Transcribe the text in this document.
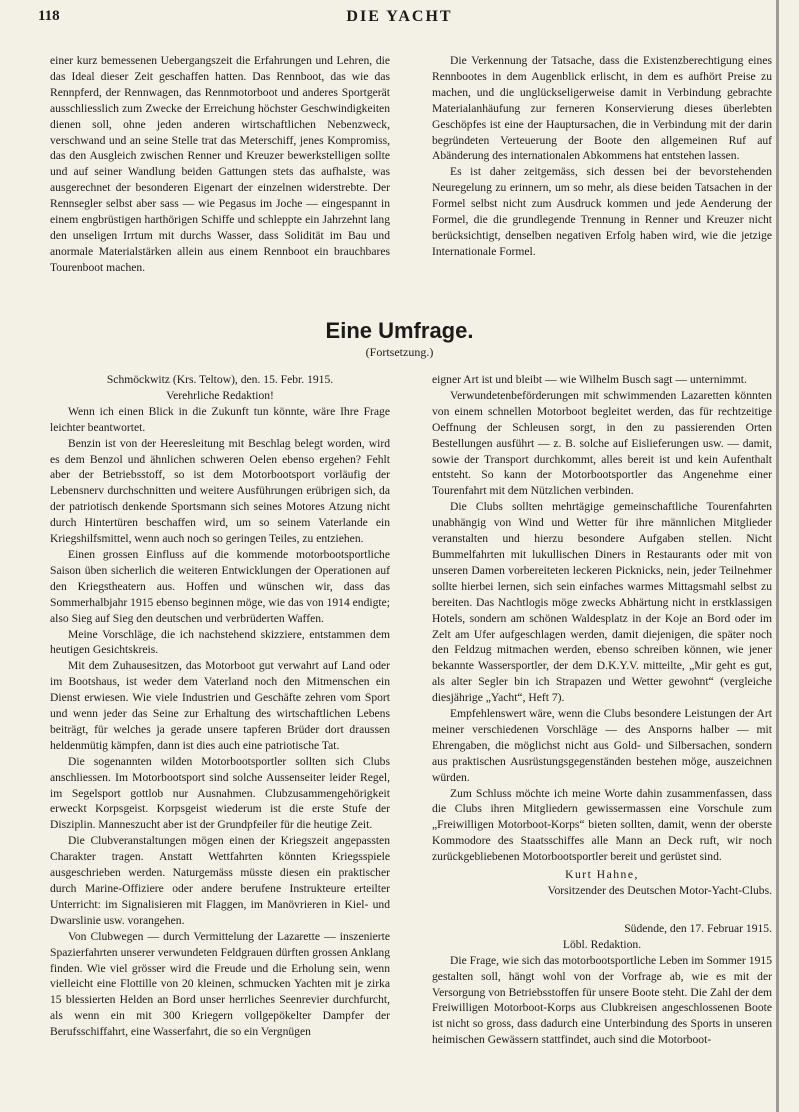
118	DIE YACHT

einer kurz bemessenen Uebergangszeit die Erfahrungen und Lehren, die das Ideal dieser Zeit geschaffen hatten. Das Rennboot, das wie das Rennpferd, der Rennwagen, das Rennmotorboot und anderes Sportgerät ausschliesslich zum Zwecke der Erreichung höchster Geschwindigkeiten dienen soll, ohne jeden anderen wirtschaftlichen Nebenzweck, verschwand und an seine Stelle trat das Meterschiff, jenes Kompromiss, das den Ausgleich zwischen Renner und Kreuzer bewerkstelligen sollte und auf seiner Wandlung beiden Gattungen stets das aufhalste, was ausgerechnet der besonderen Eigenart der einzelnen widerstrebte. Der Rennsegler selbst aber sass — wie Pegasus im Joche — eingespannt in einem engbrüstigen harthörigen Schiffe und schleppte ein Jahrzehnt lang den unseligen Irrtum mit durchs Wasser, dass Solidität im Bau und anormale Materialstärken allein aus einem Rennboot ein brauchbares Tourenboot machen.

Die Verkennung der Tatsache, dass die Existenzberechtigung eines Rennbootes in dem Augenblick erlischt, in dem es aufhört Preise zu machen, und die unglückseligerweise damit in Verbindung gebrachte Materialanhäufung zur ferneren Konservierung dieses überlebten Geschöpfes ist eine der Hauptursachen, die in Verbindung mit der darin begründeten Verteuerung der Boote den allgemeinen Ruf auf Abänderung des internationalen Abkommens hat entstehen lassen.

Es ist daher zeitgemäss, sich dessen bei der bevorstehenden Neuregelung zu erinnern, um so mehr, als diese beiden Tatsachen in der Formel selbst nicht zum Ausdruck kommen und jede Aenderung der Formel, die die grundlegende Trennung in Renner und Kreuzer nicht berücksichtigt, denselben negativen Erfolg haben wird, wie die jetzige Internationale Formel.

Eine Umfrage.
(Fortsetzung.)

Schmöckwitz (Krs. Teltow), den. 15. Febr. 1915.

Verehrliche Redaktion!

Wenn ich einen Blick in die Zukunft tun könnte, wäre Ihre Frage leichter beantwortet.

Benzin ist von der Heeresleitung mit Beschlag belegt worden, wird es dem Benzol und ähnlichen schweren Oelen ebenso ergehen? Fehlt aber der Betriebsstoff, so ist dem Motorbootsport vorläufig der Lebensnerv durchschnitten und weitere Ausführungen erübrigen sich, da der patriotisch denkende Sportsmann sich seines Motores Atzung nicht durch Hintertüren beschaffen wird, um so seinem Vaterlande ein Kriegshilfsmittel, wenn auch noch so geringen Teiles, zu entziehen.

Einen grossen Einfluss auf die kommende motorbootsportliche Saison üben sicherlich die weiteren Entwicklungen der Operationen auf den Kriegstheatern aus. Hoffen und wünschen wir, dass das Sommerhalbjahr 1915 ebenso beginnen möge, wie das von 1914 endigte; also Sieg auf Sieg den deutschen und verbrüderten Waffen.

Meine Vorschläge, die ich nachstehend skizziere, entstammen dem heutigen Gesichtskreis.

Mit dem Zuhausesitzen, das Motorboot gut verwahrt auf Land oder im Bootshaus, ist weder dem Vaterland noch den Mitmenschen ein Dienst erwiesen. Wie viele Industrien und Geschäfte zehren vom Sport und wenn jeder das Seine zur Erhaltung des wirtschaftlichen Lebens beiträgt, für welches ja gerade unsere tapferen Brüder dort draussen heldenmütig kämpfen, dann ist dies auch eine patriotische Tat.

Die sogenannten wilden Motorbootsportler sollten sich Clubs anschliessen. Im Motorbootsport sind solche Aussenseiter leider Regel, im Segelsport gottlob nur Ausnahmen. Clubzusammengehörigkeit erweckt Korpsgeist. Korpsgeist wiederum ist die erste Stufe der Disziplin. Manneszucht aber ist der Grundpfeiler für die heutige Zeit.

Die Clubveranstaltungen mögen einen der Kriegszeit angepassten Charakter tragen. Anstatt Wettfahrten könnten Kriegsspiele ausgeschrieben werden. Naturgemäss müsste diesen ein praktischer durch Marine-Offiziere oder andere berufene Instrukteure erteilter Unterricht: im Signalisieren mit Flaggen, im Manövrieren in Kiel- und Dwarslinie usw. vorangehen.

Von Clubwegen — durch Vermittelung der Lazarette — inszenierte Spazierfahrten unserer verwundeten Feldgrauen dürften grossen Anklang finden. Wie viel grösser wird die Freude und die Erholung sein, wenn vielleicht eine Flottille von 20 kleinen, schmucken Yachten mit je zirka 15 blessierten Helden an Bord unser herrliches Seenrevier durchfurcht, als wenn ein mit 300 Kriegern vollgepökelter Dampfer der Berufsschiffahrt, eine Wasserfahrt, die so ein Vergnügen

eigner Art ist und bleibt — wie Wilhelm Busch sagt — unternimmt.

Verwundetenbeförderungen mit schwimmenden Lazaretten könnten von einem schnellen Motorboot begleitet werden, das für rechtzeitige Oeffnung der Schleusen sorgt, in den zu passierenden Orten Bestellungen ausführt — z. B. solche auf Eislieferungen usw. — damit, sowie der Transport durchkommt, alles bereit ist und kein Aufenthalt entsteht. So kann der Motorbootsportler das Angenehme einer Tourenfahrt mit dem Nützlichen verbinden.

Die Clubs sollten mehrtägige gemeinschaftliche Tourenfahrten unabhängig von Wind und Wetter für ihre männlichen Mitglieder veranstalten und hierzu besondere Aufgaben stellen. Nicht Bummelfahrten mit lukullischen Diners in Restaurants oder mit von unseren Damen vorbereiteten leckeren Picknicks, nein, jeder Teilnehmer sollte hierbei lernen, sich sein einfaches warmes Mittagsmahl selbst zu bereiten. Das Nachtlogis möge zwecks Abhärtung nicht in erstklassigen Hotels, sondern am schönen Waldesplatz in der Koje an Bord oder im Zelt am Ufer aufgeschlagen werden, damit diejenigen, die später noch den Feldzug mitmachen werden, ebenso schreiben können, wie jener bekannte Wassersportler, der dem D.K.Y.V. mitteilte, „Mir geht es gut, als alter Segler bin ich Strapazen und Wetter gewohnt“ (vergleiche diesjährige „Yacht“, Heft 7).

Empfehlenswert wäre, wenn die Clubs besondere Leistungen der Art meiner verschiedenen Vorschläge — des Ansporns halber — mit Ehrengaben, die möglichst nicht aus Gold- und Silbersachen, sondern aus praktischen Ausrüstungsgegenständen bestehen möge, auszeichnen würden.

Zum Schluss möchte ich meine Worte dahin zusammenfassen, dass die Clubs ihren Mitgliedern gewissermassen eine Vorschule zum „Freiwilligen Motorboot-Korps“ bieten sollten, damit, wenn der oberste Kommodore des Staatsschiffes alle Mann an Deck ruft, wir noch zurückgebliebenen Motorbootsportler bereit und gerüstet sind.

Kurt Hahne,

Vorsitzender des Deutschen Motor-Yacht-Clubs.

Südende, den 17. Februar 1915.

Löbl. Redaktion.

Die Frage, wie sich das motorbootsportliche Leben im Sommer 1915 gestalten soll, hängt wohl von der Vorfrage ab, wie es mit der Versorgung von Betriebsstoffen für unsere Boote steht. Die Zahl der dem Freiwilligen Motorboot-Korps aus Clubkreisen angeschlossenen Boote ist nicht so gross, dass dadurch eine Unterbindung des Sports in unseren heimischen Gewässern stattfindet, auch sind die Motorboot-
